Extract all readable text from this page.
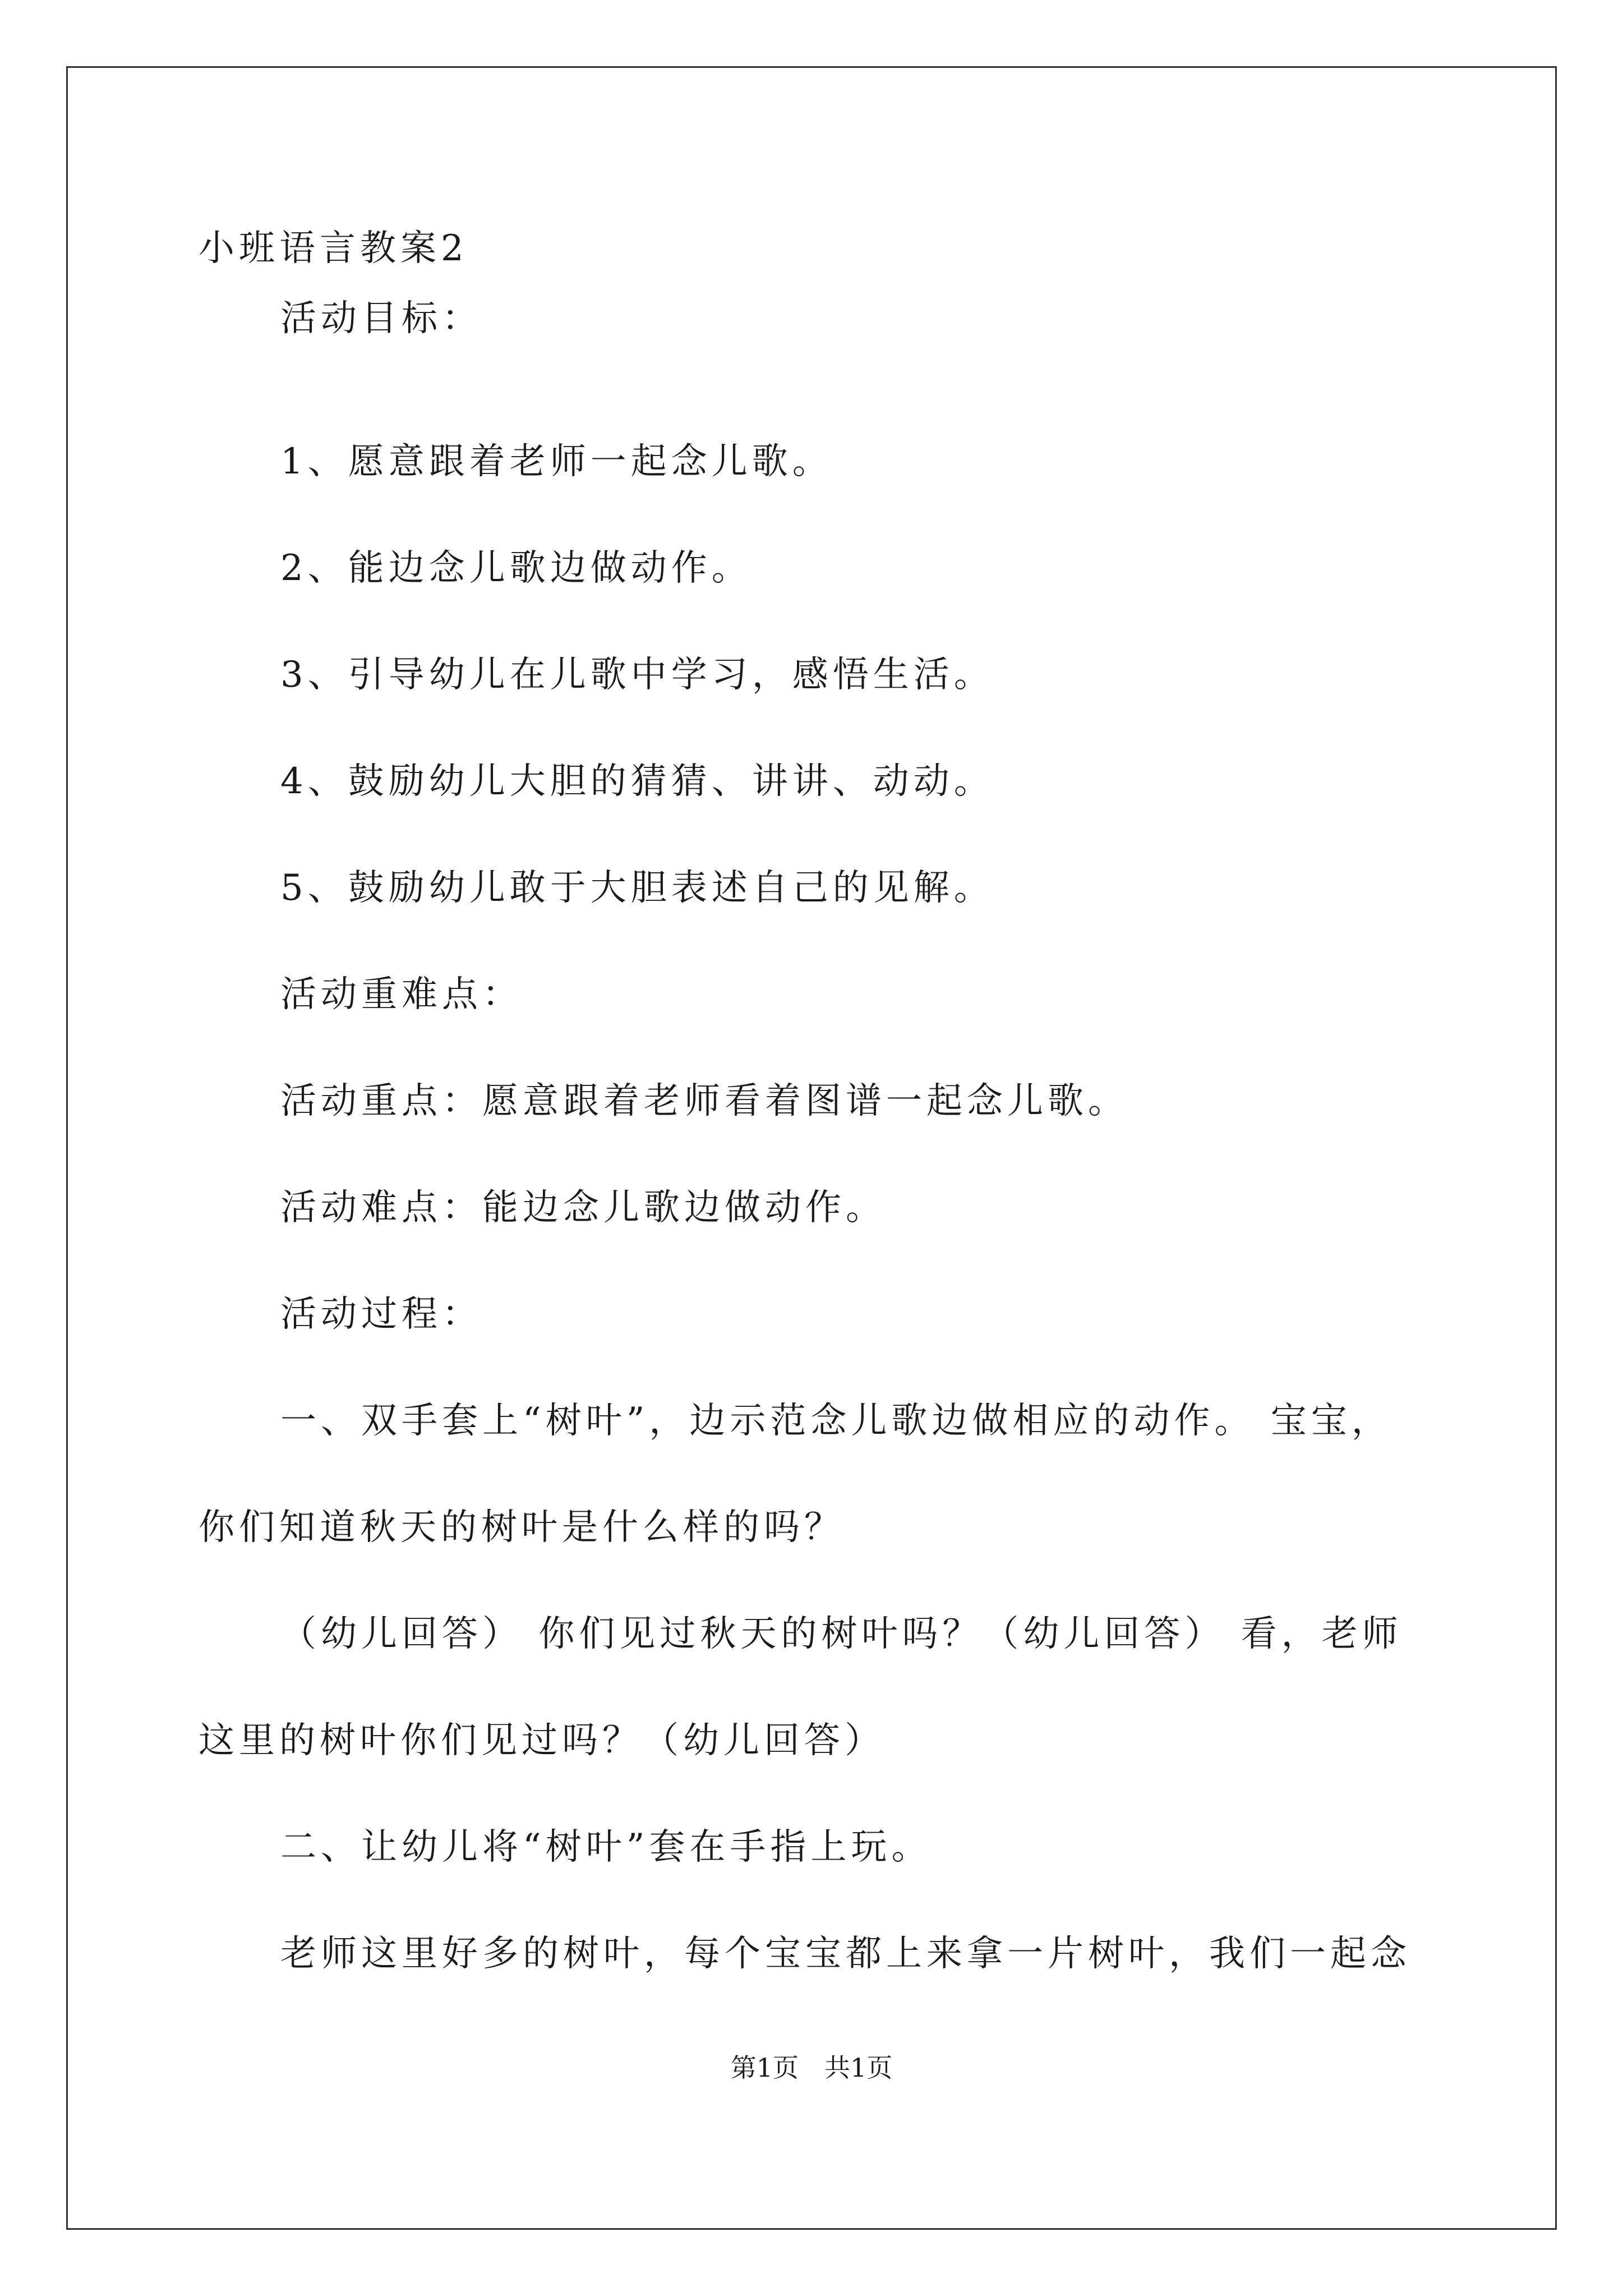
小班语言教案2
活动目标：
1、愿意跟着老师一起念儿歌。
2、能边念儿歌边做动作。
3、引导幼儿在儿歌中学习，感悟生活。
4、鼓励幼儿大胆的猜猜、讲讲、动动。
5、鼓励幼儿敢于大胆表述自己的见解。
活动重难点：
活动重点：愿意跟着老师看着图谱一起念儿歌。
活动难点：能边念儿歌边做动作。
活动过程：
一、双手套上“树叶”，边示范念儿歌边做相应的动作。 宝宝，
你们知道秋天的树叶是什么样的吗？
（幼儿回答） 你们见过秋天的树叶吗？（幼儿回答） 看，老师
这里的树叶你们见过吗？（幼儿回答）
二、让幼儿将“树叶”套在手指上玩。
老师这里好多的树叶，每个宝宝都上来拿一片树叶，我们一起念
第1页　共1页
